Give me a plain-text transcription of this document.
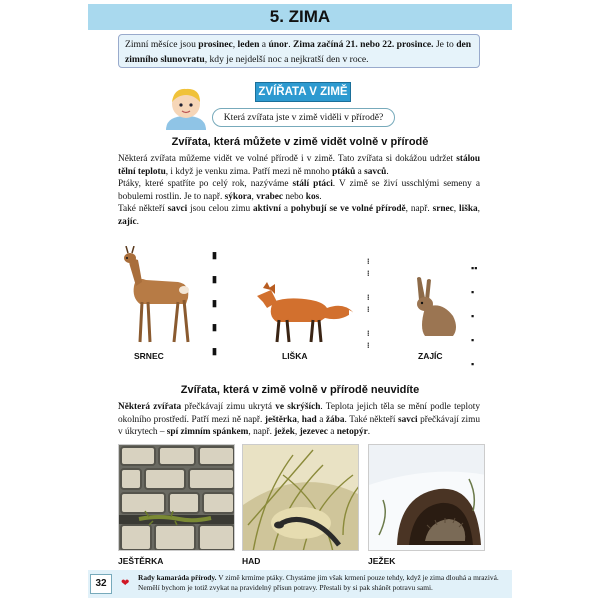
5. ZIMA
Zimní měsíce jsou prosinec, leden a únor. Zima začíná 21. nebo 22. prosince. Je to den zimního slunovratu, kdy je nejdelší noc a nejkratší den v roce.
ZVÍŘATA V ZIMĚ
Která zvířata jste v zimě viděli v přírodě?
Zvířata, která můžete v zimě vidět volně v přírodě
Některá zvířata můžeme vidět ve volné přírodě i v zimě. Tato zvířata si dokážou udržet stálou tělní teplotu, i když je venku zima. Patří mezi ně mnoho ptáků a savců.
Ptáky, které spatříte po celý rok, nazýváme stálí ptáci. V zimě se živí usschlými semeny a bobulemi rostlin. Je to např. sýkora, vrabec nebo kos.
Také někteří savci jsou celou zimu aktivní a pohybují se ve volné přírodě, např. srnec, liška, zajíc.
▮

▮

▮

▮

▮
SRNEC	LIŠKA
⁝
⁝

⁝
⁝

⁝
⁝
▪▪

▪

▪

▪

▪
ZAJÍC
Zvířata, která v zimě volně v přírodě neuvidíte
Některá zvířata přečkávají zimu ukrytá ve skrýších. Teplota jejich těla se mění podle teploty okolního prostředí. Patří mezi ně např. ještěrka, had a žába. Také někteří savci přečkávají zimu v úkrytech – spí zimním spánkem, např. ježek, jezevec a netopýr.
JEŠTĚRKA	HAD	JEŽEK
32	❤
Rady kamaráda přírody. V zimě krmíme ptáky. Chystáme jim však krmení pouze tehdy, když je zima dlouhá a mrazivá. Nemělí bychom je totiž zvykat na pravidelný přísun potravy. Přestali by si pak shánět potravu sami.
